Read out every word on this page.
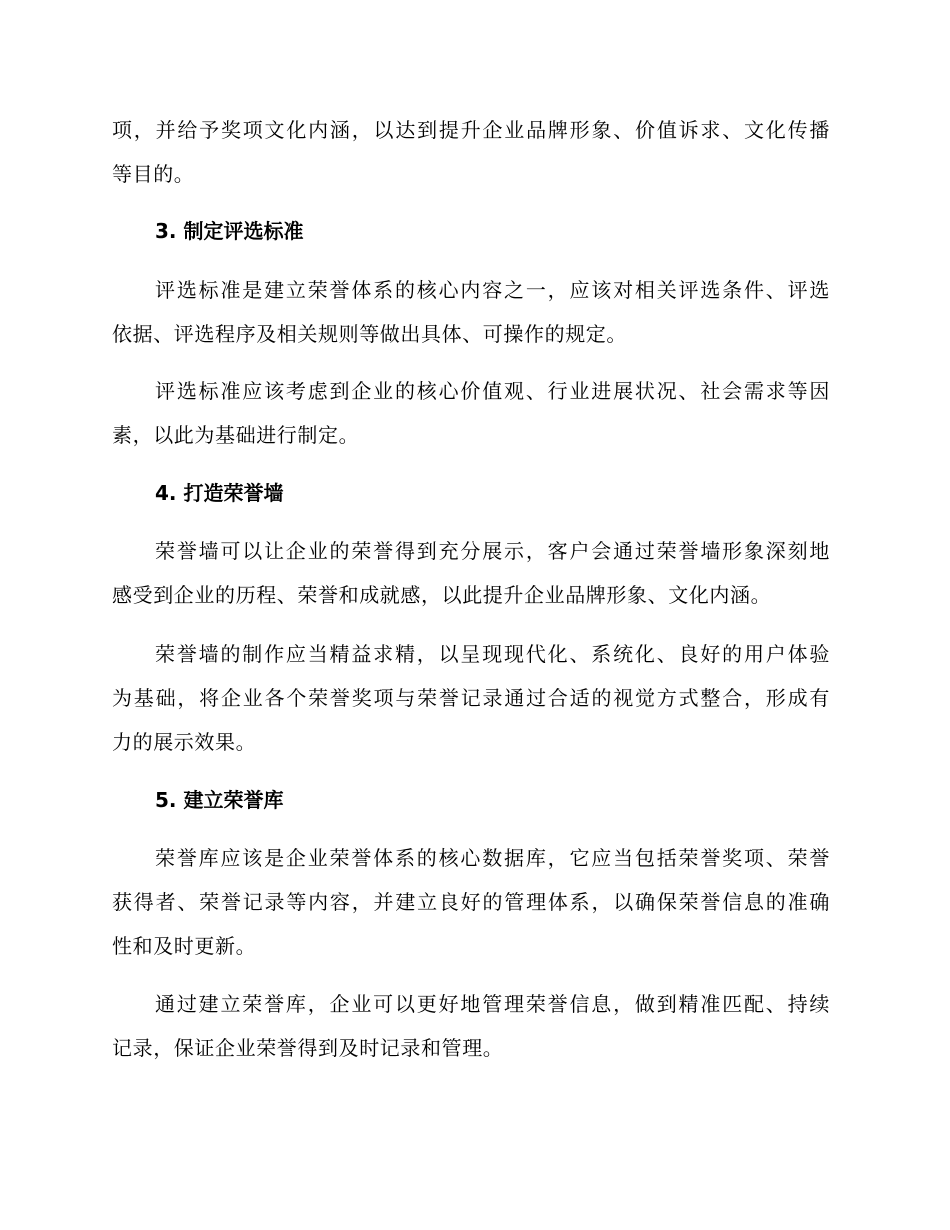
项，并给予奖项文化内涵，以达到提升企业品牌形象、价值诉求、文化传播
等目的。
3. 制定评选标准
评选标准是建立荣誉体系的核心内容之一，应该对相关评选条件、评选
依据、评选程序及相关规则等做出具体、可操作的规定。
评选标准应该考虑到企业的核心价值观、行业进展状况、社会需求等因
素，以此为基础进行制定。
4. 打造荣誉墙
荣誉墙可以让企业的荣誉得到充分展示，客户会通过荣誉墙形象深刻地
感受到企业的历程、荣誉和成就感，以此提升企业品牌形象、文化内涵。
荣誉墙的制作应当精益求精，以呈现现代化、系统化、良好的用户体验
为基础，将企业各个荣誉奖项与荣誉记录通过合适的视觉方式整合，形成有
力的展示效果。
5. 建立荣誉库
荣誉库应该是企业荣誉体系的核心数据库，它应当包括荣誉奖项、荣誉
获得者、荣誉记录等内容，并建立良好的管理体系，以确保荣誉信息的准确
性和及时更新。
通过建立荣誉库，企业可以更好地管理荣誉信息，做到精准匹配、持续
记录，保证企业荣誉得到及时记录和管理。
